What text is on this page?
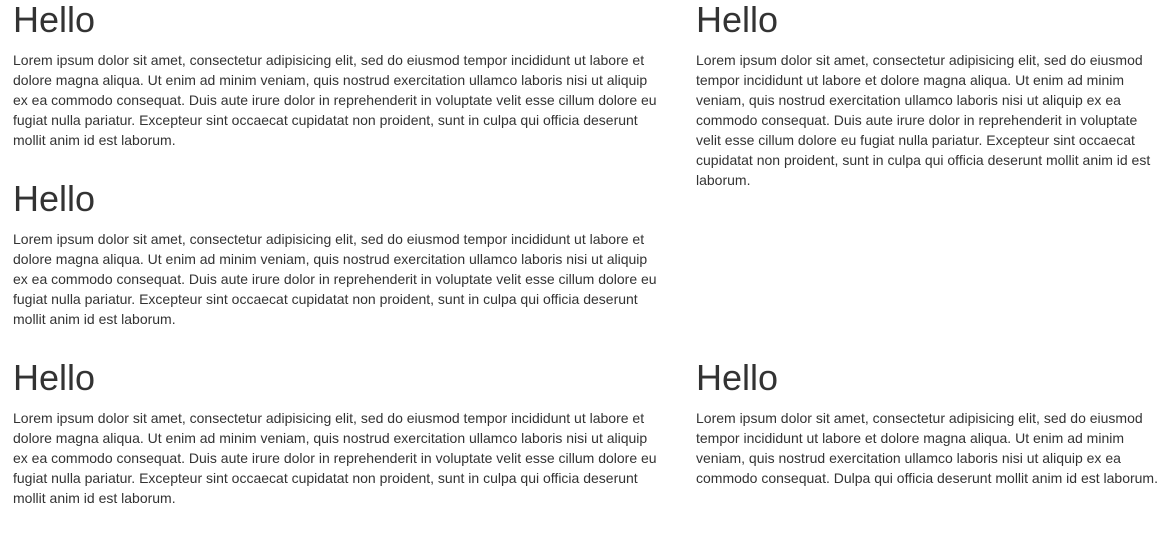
Hello

Lorem ipsum dolor sit amet, consectetur adipisicing elit, sed do eiusmod tempor incididunt ut labore et dolore magna aliqua. Ut enim ad minim veniam, quis nostrud exercitation ullamco laboris nisi ut aliquip ex ea commodo consequat. Duis aute irure dolor in reprehenderit in voluptate velit esse cillum dolore eu fugiat nulla pariatur. Excepteur sint occaecat cupidatat non proident, sunt in culpa qui officia deserunt mollit anim id est laborum.

Hello

Lorem ipsum dolor sit amet, consectetur adipisicing elit, sed do eiusmod tempor incididunt ut labore et dolore magna aliqua. Ut enim ad minim veniam, quis nostrud exercitation ullamco laboris nisi ut aliquip ex ea commodo consequat. Duis aute irure dolor in reprehenderit in voluptate velit esse cillum dolore eu fugiat nulla pariatur. Excepteur sint occaecat cupidatat non proident, sunt in culpa qui officia deserunt mollit anim id est laborum.

Hello

Lorem ipsum dolor sit amet, consectetur adipisicing elit, sed do eiusmod tempor incididunt ut labore et dolore magna aliqua. Ut enim ad minim veniam, quis nostrud exercitation ullamco laboris nisi ut aliquip ex ea commodo consequat. Duis aute irure dolor in reprehenderit in voluptate velit esse cillum dolore eu fugiat nulla pariatur. Excepteur sint occaecat cupidatat non proident, sunt in culpa qui officia deserunt mollit anim id est laborum.

Hello

Lorem ipsum dolor sit amet, consectetur adipisicing elit, sed do eiusmod tempor incididunt ut labore et dolore magna aliqua. Ut enim ad minim veniam, quis nostrud exercitation ullamco laboris nisi ut aliquip ex ea commodo consequat. Duis aute irure dolor in reprehenderit in voluptate velit esse cillum dolore eu fugiat nulla pariatur. Excepteur sint occaecat cupidatat non proident, sunt in culpa qui officia deserunt mollit anim id est laborum.

Hello

Lorem ipsum dolor sit amet, consectetur adipisicing elit, sed do eiusmod tempor incididunt ut labore et dolore magna aliqua. Ut enim ad minim veniam, quis nostrud exercitation ullamco laboris nisi ut aliquip ex ea commodo consequat. Dulpa qui officia deserunt mollit anim id est laborum.
